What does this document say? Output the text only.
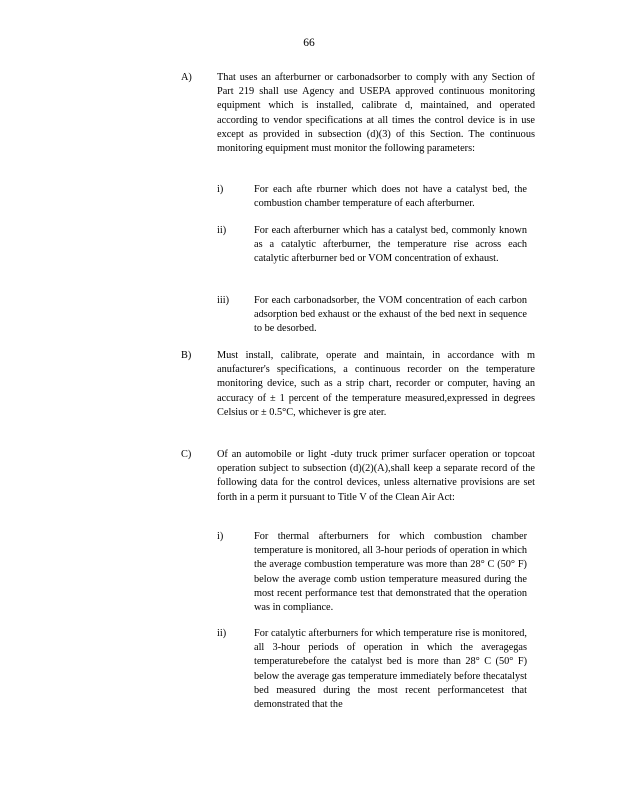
66
A) That uses an afterburner or carbonadsorber to comply with any Section of Part 219 shall use Agency and USEPA approved continuous monitoring equipment which is installed, calibrate d, maintained, and operated according to vendor specifications at all times the control device is in use except as provided in subsection (d)(3) of this Section. The continuous monitoring equipment must monitor the following parameters:
i)	For each afte rburner which does not have a catalyst bed, the combustion chamber temperature of each afterburner.
ii)	For each afterburner which has a catalyst bed, commonly known as a catalytic afterburner, the temperature rise across each catalytic afterburner bed or VOM concentration of exhaust.
iii) For each carbonadsorber, the VOM concentration of each carbon adsorption bed exhaust or the exhaust of the bed next in sequence to be desorbed.
B) Must install, calibrate, operate and maintain, in accordance with m anufacturer's specifications, a continuous recorder on the temperature monitoring device, such as a strip chart, recorder or computer, having an accuracy of ± 1 percent of the temperature measured,expressed in degrees Celsius or ± 0.5°C, whichever is gre ater.
C) Of an automobile or light -duty truck primer surfacer operation or topcoat operation subject to subsection (d)(2)(A),shall keep a separate record of the following data for the control devices, unless alternative provisions are set forth in a perm it pursuant to Title V of the Clean Air Act:
i)	For thermal afterburners for which combustion chamber temperature is monitored, all 3-hour periods of operation in which the average combustion temperature was more than 28° C (50° F) below the average comb ustion temperature measured during the most recent performance test that demonstrated that the operation was in compliance.
ii)	For catalytic afterburners for which temperature rise is monitored, all 3-hour periods of operation in which the averagegas temperaturebefore the catalyst bed is more than 28° C (50° F) below the average gas temperature immediately before thecatalyst bed measured during the most recent performancetest that demonstrated that the
